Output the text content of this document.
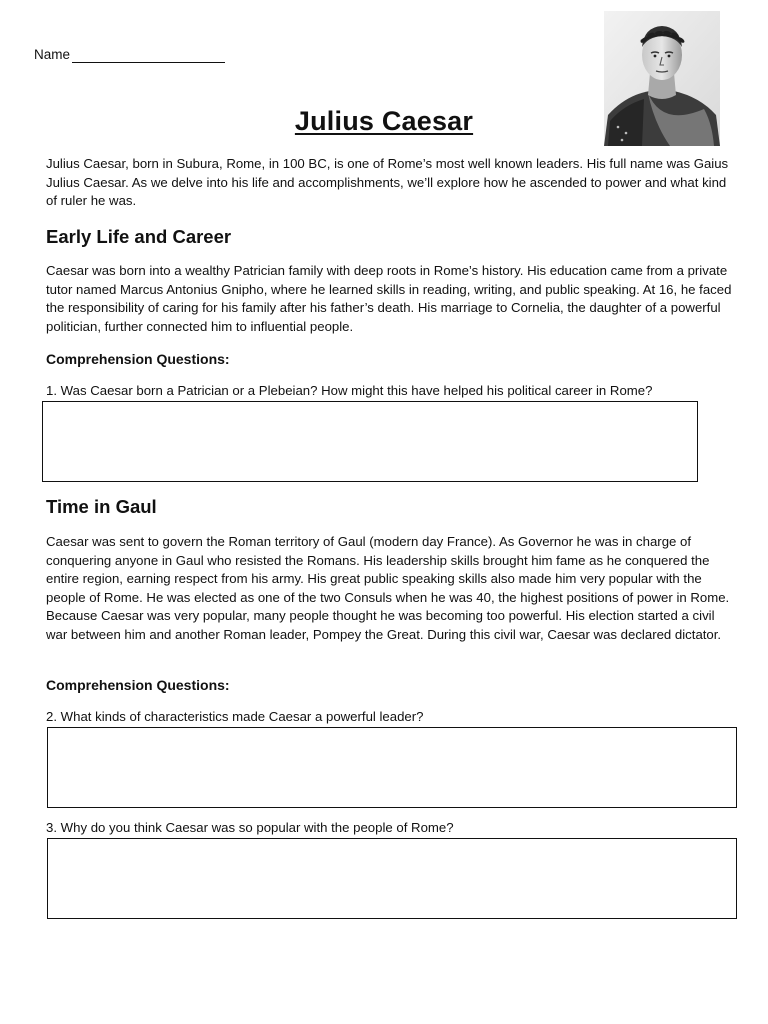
Name
Julius Caesar
Julius Caesar, born in Subura, Rome, in 100 BC, is one of Rome’s most well known leaders. His full name was Gaius Julius Caesar. As we delve into his life and accomplishments, we’ll explore how he ascended to power and what kind of ruler he was.
Early Life and Career
Caesar was born into a wealthy Patrician family with deep roots in Rome’s history. His education came from a private tutor named Marcus Antonius Gnipho, where he learned skills in reading, writing, and public speaking. At 16, he faced the responsibility of caring for his family after his father’s death. His marriage to Cornelia, the daughter of a powerful politician, further connected him to influential people.
Comprehension Questions:
1. Was Caesar born a Patrician or a Plebeian? How might this have helped his political career in Rome?
Time in Gaul
Caesar was sent to govern the Roman territory of Gaul (modern day France). As Governor he was in charge of conquering anyone in Gaul who resisted the Romans. His leadership skills brought him fame as he conquered the entire region, earning respect from his army. His great public speaking skills also made him very popular with the people of Rome. He was elected as one of the two Consuls when he was 40, the highest positions of power in Rome. Because Caesar was very popular, many people thought he was becoming too powerful. His election started a civil war between him and another Roman leader, Pompey the Great. During this civil war, Caesar was declared dictator.
Comprehension Questions:
2. What kinds of characteristics made Caesar a powerful leader?
3. Why do you think Caesar was so popular with the people of Rome?
